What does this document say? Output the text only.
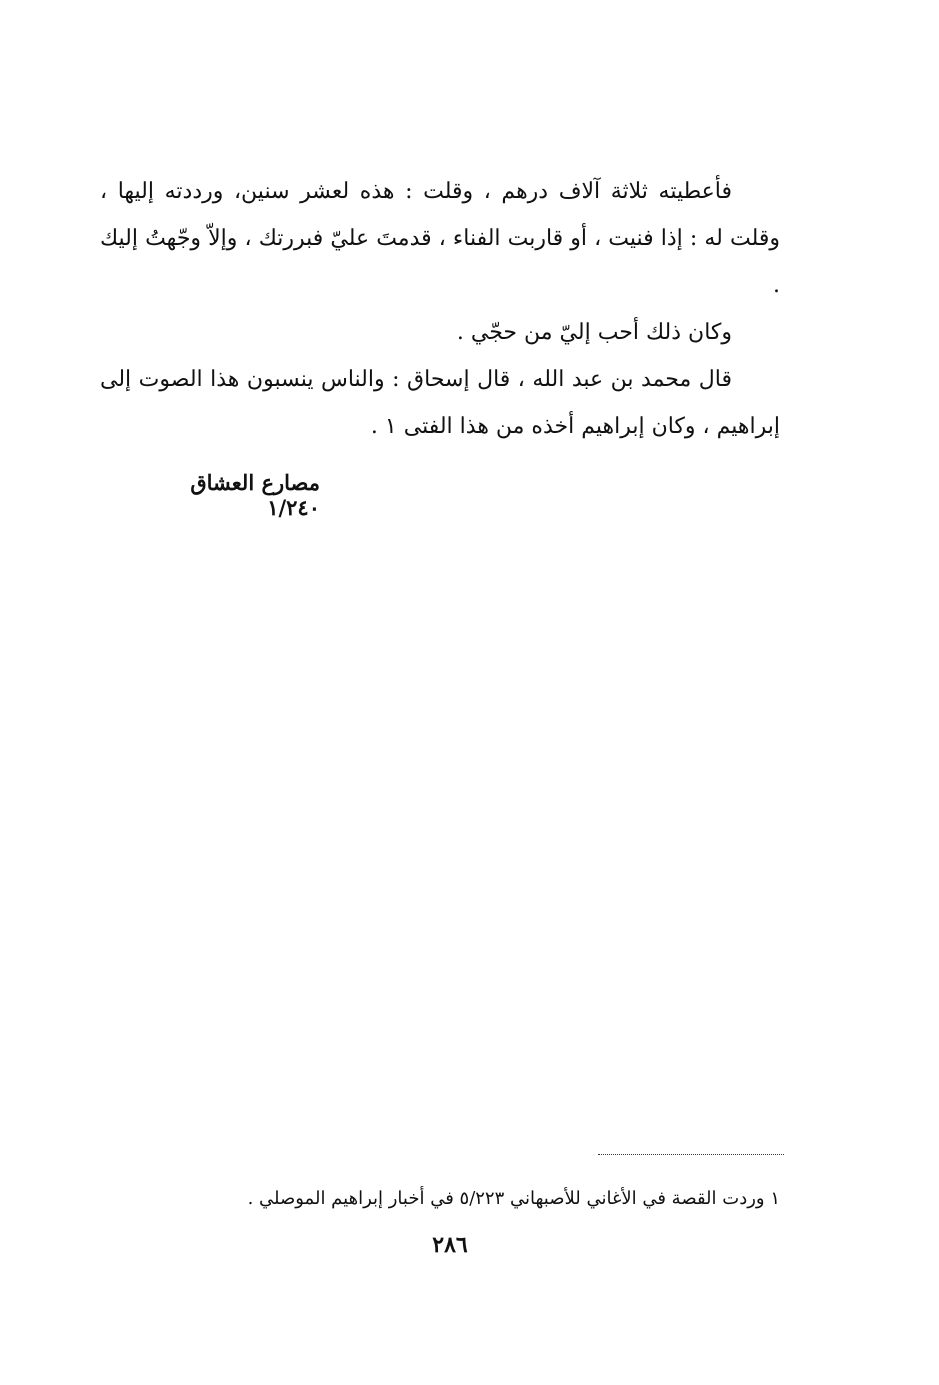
فأعطيته ثلاثة آلاف درهم ، وقلت : هذه لعشر سنين، ورددته إليها ، وقلت له : إذا فنيت ، أو قاربت الفناء ، قدمتَ عليّ فبررتك ، وإلاّ وجّهتُ إليك .

وكان ذلك أحب إليّ من حجّي .

قال محمد بن عبد الله ، قال إسحاق : والناس ينسبون هذا الصوت إلى إبراهيم ، وكان إبراهيم أخذه من هذا الفتى ١ .

مصارع العشاق ١/٢٤٠
١ وردت القصة في الأغاني للأصبهاني ٥/٢٢٣ في أخبار إبراهيم الموصلي .
٢٨٦
